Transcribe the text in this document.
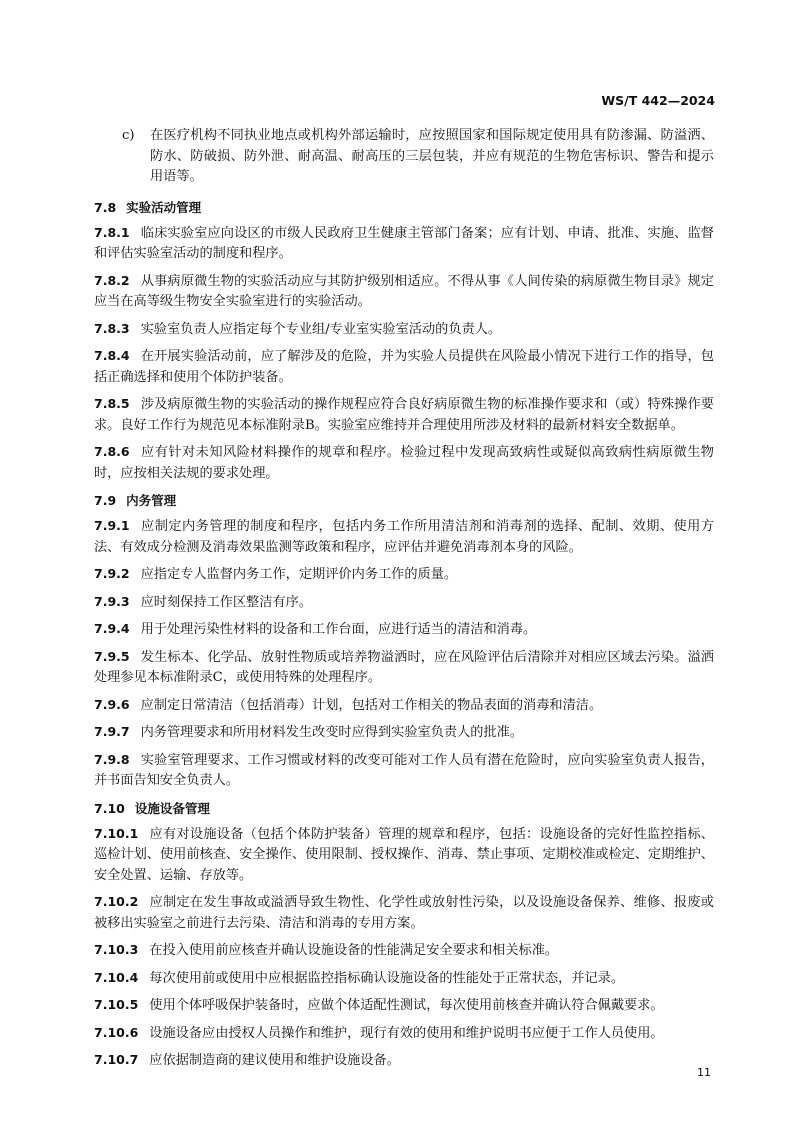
WS/T 442—2024
c) 在医疗机构不同执业地点或机构外部运输时，应按照国家和国际规定使用具有防渗漏、防溢洒、防水、防破损、防外泄、耐高温、耐高压的三层包装，并应有规范的生物危害标识、警告和提示用语等。
7.8 实验活动管理
7.8.1 临床实验室应向设区的市级人民政府卫生健康主管部门备案；应有计划、申请、批准、实施、监督和评估实验室活动的制度和程序。
7.8.2 从事病原微生物的实验活动应与其防护级别相适应。不得从事《人间传染的病原微生物目录》规定应当在高等级生物安全实验室进行的实验活动。
7.8.3 实验室负责人应指定每个专业组/专业室实验室活动的负责人。
7.8.4 在开展实验活动前，应了解涉及的危险，并为实验人员提供在风险最小情况下进行工作的指导，包括正确选择和使用个体防护装备。
7.8.5 涉及病原微生物的实验活动的操作规程应符合良好病原微生物的标准操作要求和（或）特殊操作要求。良好工作行为规范见本标准附录B。实验室应维持并合理使用所涉及材料的最新材料安全数据单。
7.8.6 应有针对未知风险材料操作的规章和程序。检验过程中发现高致病性或疑似高致病性病原微生物时，应按相关法规的要求处理。
7.9 内务管理
7.9.1 应制定内务管理的制度和程序，包括内务工作所用清洁剂和消毒剂的选择、配制、效期、使用方法、有效成分检测及消毒效果监测等政策和程序，应评估并避免消毒剂本身的风险。
7.9.2 应指定专人监督内务工作，定期评价内务工作的质量。
7.9.3 应时刻保持工作区整洁有序。
7.9.4 用于处理污染性材料的设备和工作台面，应进行适当的清洁和消毒。
7.9.5 发生标本、化学品、放射性物质或培养物溢洒时，应在风险评估后清除并对相应区域去污染。溢洒处理参见本标准附录C，或使用特殊的处理程序。
7.9.6 应制定日常清洁（包括消毒）计划，包括对工作相关的物品表面的消毒和清洁。
7.9.7 内务管理要求和所用材料发生改变时应得到实验室负责人的批准。
7.9.8 实验室管理要求、工作习惯或材料的改变可能对工作人员有潜在危险时，应向实验室负责人报告，并书面告知安全负责人。
7.10 设施设备管理
7.10.1 应有对设施设备（包括个体防护装备）管理的规章和程序，包括：设施设备的完好性监控指标、巡检计划、使用前核查、安全操作、使用限制、授权操作、消毒、禁止事项、定期校准或检定、定期维护、安全处置、运输、存放等。
7.10.2 应制定在发生事故或溢洒导致生物性、化学性或放射性污染，以及设施设备保养、维修、报废或被移出实验室之前进行去污染、清洁和消毒的专用方案。
7.10.3 在投入使用前应核查并确认设施设备的性能满足安全要求和相关标准。
7.10.4 每次使用前或使用中应根据监控指标确认设施设备的性能处于正常状态，并记录。
7.10.5 使用个体呼吸保护装备时，应做个体适配性测试，每次使用前核查并确认符合佩戴要求。
7.10.6 设施设备应由授权人员操作和维护，现行有效的使用和维护说明书应便于工作人员使用。
7.10.7 应依据制造商的建议使用和维护设施设备。
11
